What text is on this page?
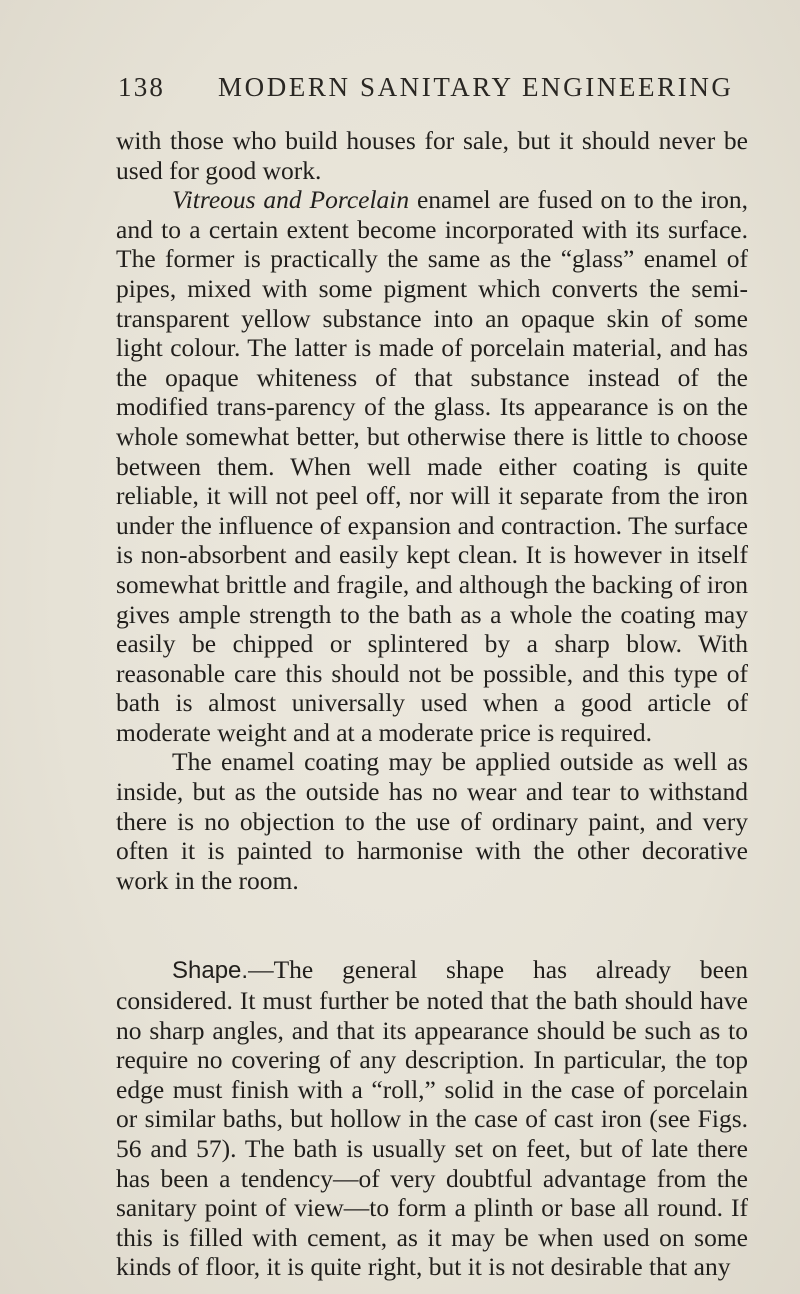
138 MODERN SANITARY ENGINEERING

with those who build houses for sale, but it should never be used for good work.

Vitreous and Porcelain enamel are fused on to the iron, and to a certain extent become incorporated with its surface. The former is practically the same as the “glass” enamel of pipes, mixed with some pigment which converts the semi-transparent yellow substance into an opaque skin of some light colour. The latter is made of porcelain material, and has the opaque whiteness of that substance instead of the modified trans-parency of the glass. Its appearance is on the whole somewhat better, but otherwise there is little to choose between them. When well made either coating is quite reliable, it will not peel off, nor will it separate from the iron under the influence of expansion and contraction. The surface is non-absorbent and easily kept clean. It is however in itself somewhat brittle and fragile, and although the backing of iron gives ample strength to the bath as a whole the coating may easily be chipped or splintered by a sharp blow. With reasonable care this should not be possible, and this type of bath is almost universally used when a good article of moderate weight and at a moderate price is required.

The enamel coating may be applied outside as well as inside, but as the outside has no wear and tear to withstand there is no objection to the use of ordinary paint, and very often it is painted to harmonise with the other decorative work in the room.

Shape.—The general shape has already been considered. It must further be noted that the bath should have no sharp angles, and that its appearance should be such as to require no covering of any description. In particular, the top edge must finish with a “roll,” solid in the case of porcelain or similar baths, but hollow in the case of cast iron (see Figs. 56 and 57). The bath is usually set on feet, but of late there has been a tendency—of very doubtful advantage from the sanitary point of view—to form a plinth or base all round. If this is filled with cement, as it may be when used on some kinds of floor, it is quite right, but it is not desirable that any
